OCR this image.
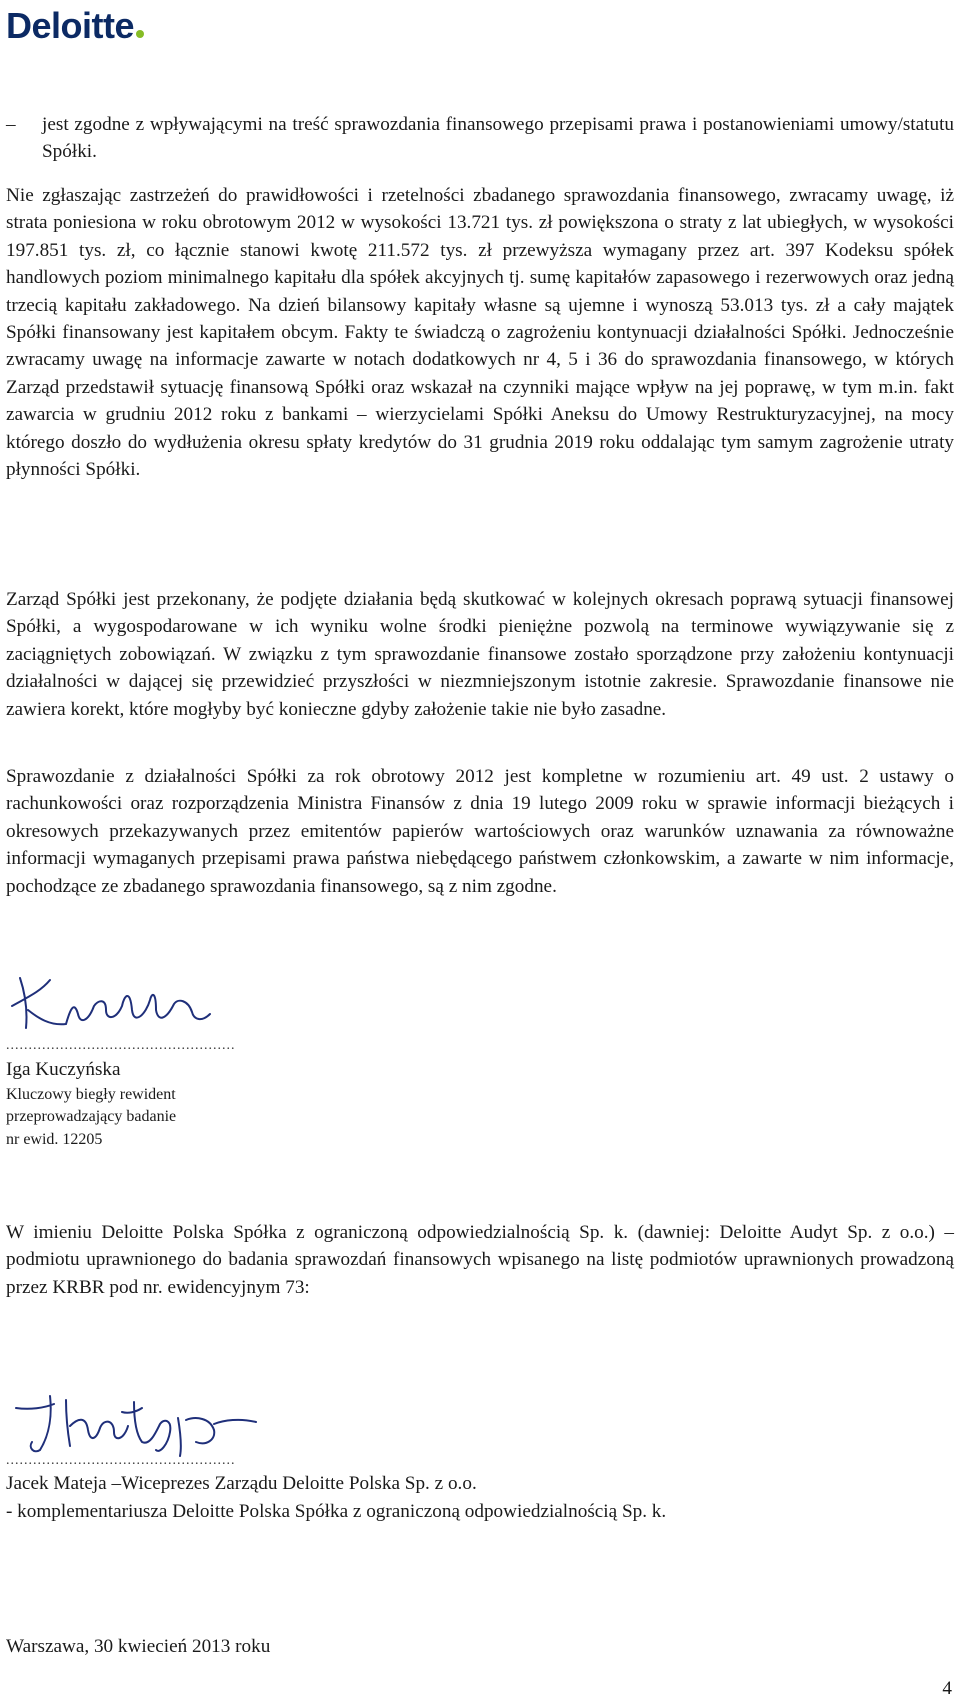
Deloitte
– jest zgodne z wpływającymi na treść sprawozdania finansowego przepisami prawa i postanowieniami umowy/statutu Spółki.

Nie zgłaszając zastrzeżeń do prawidłowości i rzetelności zbadanego sprawozdania finansowego, zwracamy uwagę, iż strata poniesiona w roku obrotowym 2012 w wysokości 13.721 tys. zł powiększona o straty z lat ubiegłych, w wysokości 197.851 tys. zł, co łącznie stanowi kwotę 211.572 tys. zł przewyższa wymagany przez art. 397 Kodeksu spółek handlowych poziom minimalnego kapitału dla spółek akcyjnych tj. sumę kapitałów zapasowego i rezerwowych oraz jedną trzecią kapitału zakładowego. Na dzień bilansowy kapitały własne są ujemne i wynoszą 53.013 tys. zł a cały majątek Spółki finansowany jest kapitałem obcym. Fakty te świadczą o zagrożeniu kontynuacji działalności Spółki. Jednocześnie zwracamy uwagę na informacje zawarte w notach dodatkowych nr 4, 5 i 36 do sprawozdania finansowego, w których Zarząd przedstawił sytuację finansową Spółki oraz wskazał na czynniki mające wpływ na jej poprawę, w tym m.in. fakt zawarcia w grudniu 2012 roku z bankami – wierzycielami Spółki Aneksu do Umowy Restrukturyzacyjnej, na mocy którego doszło do wydłużenia okresu spłaty kredytów do 31 grudnia 2019 roku oddalając tym samym zagrożenie utraty płynności Spółki.

Zarząd Spółki jest przekonany, że podjęte działania będą skutkować w kolejnych okresach poprawą sytuacji finansowej Spółki, a wygospodarowane w ich wyniku wolne środki pieniężne pozwolą na terminowe wywiązywanie się z zaciągniętych zobowiązań. W związku z tym sprawozdanie finansowe zostało sporządzone przy założeniu kontynuacji działalności w dającej się przewidzieć przyszłości w niezmniejszonym istotnie zakresie. Sprawozdanie finansowe nie zawiera korekt, które mogłyby być konieczne gdyby założenie takie nie było zasadne.

Sprawozdanie z działalności Spółki za rok obrotowy 2012 jest kompletne w rozumieniu art. 49 ust. 2 ustawy o rachunkowości oraz rozporządzenia Ministra Finansów z dnia 19 lutego 2009 roku w sprawie informacji bieżących i okresowych przekazywanych przez emitentów papierów wartościowych oraz warunków uznawania za równoważne informacji wymaganych przepisami prawa państwa niebędącego państwem członkowskim, a zawarte w nim informacje, pochodzące ze zbadanego sprawozdania finansowego, są z nim zgodne.

...................................................
Iga Kuczyńska
Kluczowy biegły rewident
przeprowadzający badanie
nr ewid. 12205

W imieniu Deloitte Polska Spółka z ograniczoną odpowiedzialnością Sp. k. (dawniej: Deloitte Audyt Sp. z o.o.) – podmiotu uprawnionego do badania sprawozdań finansowych wpisanego na listę podmiotów uprawnionych prowadzoną przez KRBR pod nr. ewidencyjnym 73:

...................................................
Jacek Mateja –Wiceprezes Zarządu Deloitte Polska Sp. z o.o.
- komplementariusza Deloitte Polska Spółka z ograniczoną odpowiedzialnością Sp. k.
Warszawa, 30 kwiecień 2013 roku
4
